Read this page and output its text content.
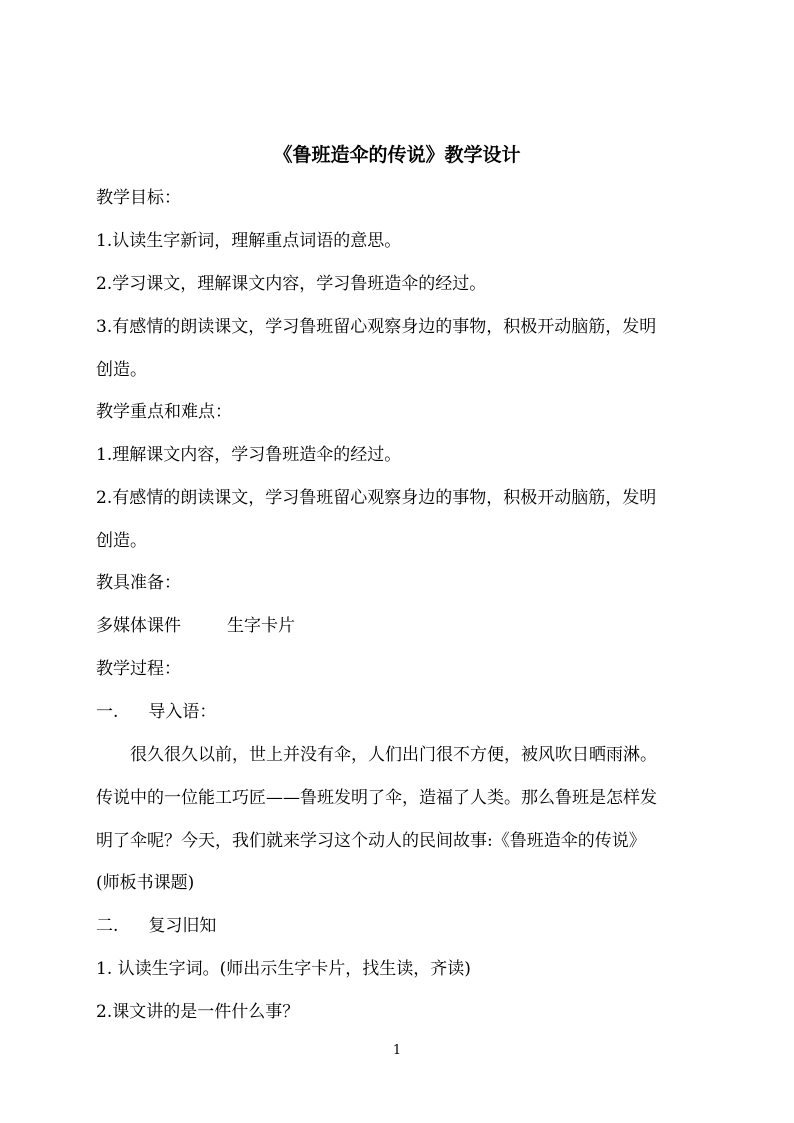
《鲁班造伞的传说》教学设计
教学目标：
1.认读生字新词，理解重点词语的意思。
2.学习课文，理解课文内容，学习鲁班造伞的经过。
3.有感情的朗读课文，学习鲁班留心观察身边的事物，积极开动脑筋，发明
创造。
教学重点和难点：
1.理解课文内容，学习鲁班造伞的经过。
2.有感情的朗读课文，学习鲁班留心观察身边的事物，积极开动脑筋，发明
创造。
教具准备：
多媒体课件	生字卡片
教学过程：
一. 导入语：
很久很久以前，世上并没有伞，人们出门很不方便，被风吹日晒雨淋。
传说中的一位能工巧匠——鲁班发明了伞，造福了人类。那么鲁班是怎样发
明了伞呢？今天，我们就来学习这个动人的民间故事:《鲁班造伞的传说》
(师板书课题)
二. 复习旧知
1. 认读生字词。(师出示生字卡片，找生读，齐读)
2.课文讲的是一件什么事？
1
